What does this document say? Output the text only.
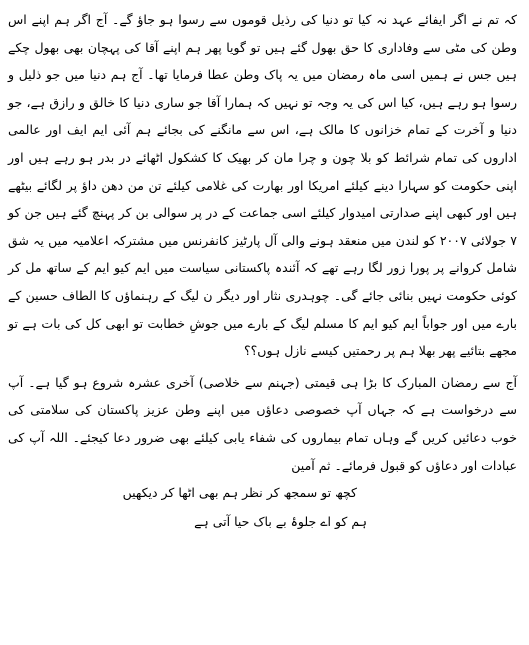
کہ تم نے اگر ایفائے عہد نہ کیا تو دنیا کی رذیل قوموں سے رسوا ہو جاؤ گے۔ آج اگر ہم اپنے اس وطن کی مٹی سے وفاداری کا حق بھول گئے ہیں تو گویا پھر ہم اپنے آقا کی پہچان بھی بھول چکے ہیں جس نے ہمیں اسی ماہ رمضان میں یہ پاک وطن عطا فرمایا تھا۔ آج ہم دنیا میں جو ذلیل و رسوا ہو رہے ہیں، کیا اس کی یہ وجہ تو نہیں کہ ہمارا آقا جو ساری دنیا کا خالق و رازق ہے، جو دنیا و آخرت کے تمام خزانوں کا مالک ہے، اس سے مانگنے کی بجائے ہم آئی ایم ایف اور عالمی اداروں کی تمام شرائط کو بلا چون و چرا مان کر بھیک کا کشکول اٹھائے در بدر ہو رہے ہیں اور اپنی حکومت کو سہارا دینے کیلئے امریکا اور بھارت کی غلامی کیلئے تن من دھن داؤ پر لگائے بیٹھے ہیں اور کبھی اپنے صدارتی امیدوار کیلئے اسی جماعت کے در پر سوالی بن کر پہنچ گئے ہیں جن کو ۷ جولائی ۲۰۰۷ کو لندن میں منعقد ہونے والی آل پارٹیز کانفرنس میں مشترکہ اعلامیہ میں یہ شق شامل کروانے پر پورا زور لگا رہے تھے کہ آئندہ پاکستانی سیاست میں ایم کیو ایم کے ساتھ مل کر کوئی حکومت نہیں بنائی جائے گی۔ چوہدری نثار اور دیگر ن لیگ کے رہنماؤں کا الطاف حسین کے بارے میں اور جواباً ایم کیو ایم کا مسلم لیگ کے بارے میں جوشِ خطابت تو ابھی کل کی بات ہے تو مجھے بتائیے پھر بھلا ہم پر رحمتیں کیسے نازل ہوں؟؟

آج سے رمضان المبارک کا بڑا ہی قیمتی (جہنم سے خلاصی) آخری عشرہ شروع ہو گیا ہے۔ آپ سے درخواست ہے کہ جہاں آپ خصوصی دعاؤں میں اپنے وطن عزیز پاکستان کی سلامتی کی خوب دعائیں کریں گے وہاں تمام بیماروں کی شفاء یابی کیلئے بھی ضرور دعا کیجئے۔ اللہ آپ کی عبادات اور دعاؤں کو قبول فرمائے۔ ثم آمین

کچھ تو سمجھ کر نظر ہم بھی اٹھا کر دیکھیں

ہم کو اے جلوۂ بے باک حیا آتی ہے
